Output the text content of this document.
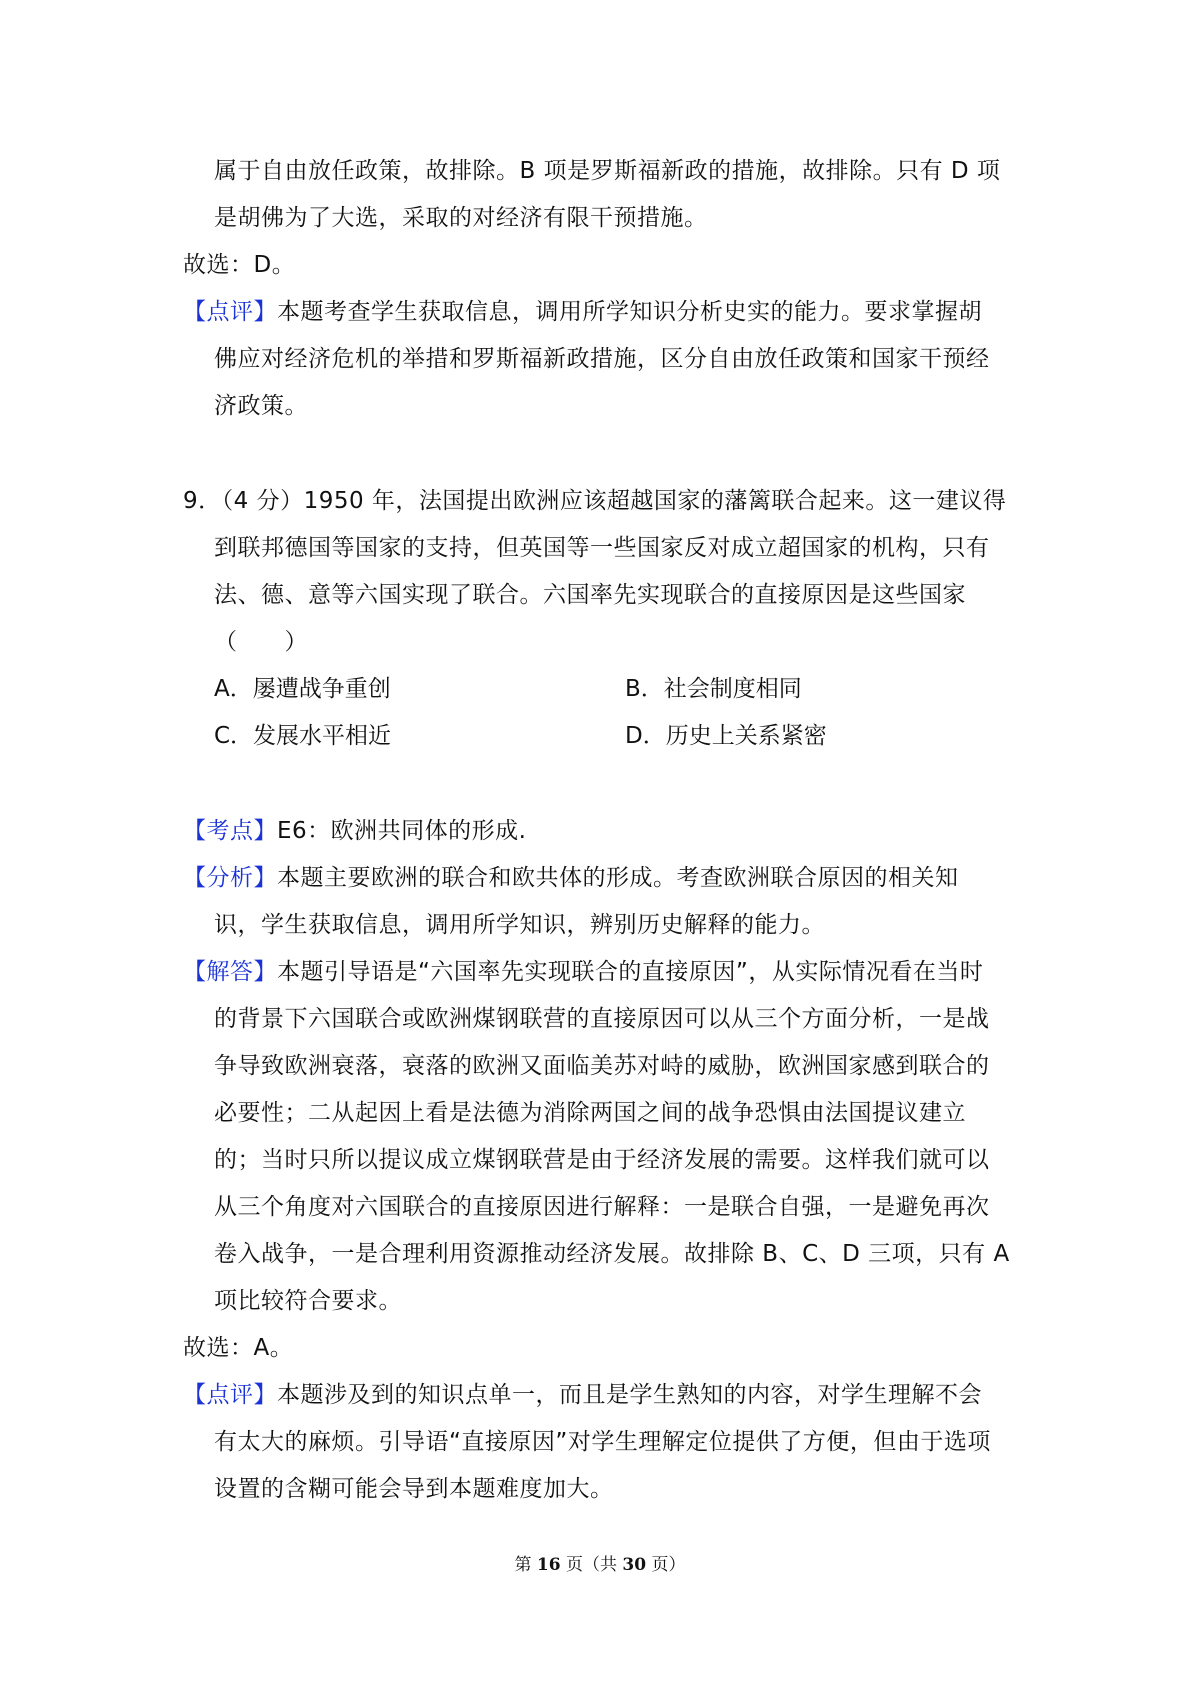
属于自由放任政策，故排除。B 项是罗斯福新政的措施，故排除。只有 D 项
是胡佛为了大选，采取的对经济有限干预措施。
故选：D。
【点评】本题考查学生获取信息，调用所学知识分析史实的能力。要求掌握胡
佛应对经济危机的举措和罗斯福新政措施，区分自由放任政策和国家干预经
济政策。
9．（4 分）1950 年，法国提出欧洲应该超越国家的藩篱联合起来。这一建议得
到联邦德国等国家的支持，但英国等一些国家反对成立超国家的机构，只有
法、德、意等六国实现了联合。六国率先实现联合的直接原因是这些国家
（　　）
A．屡遭战争重创	B．社会制度相同
C．发展水平相近	D．历史上关系紧密
【考点】E6：欧洲共同体的形成.
【分析】本题主要欧洲的联合和欧共体的形成。考查欧洲联合原因的相关知
识，学生获取信息，调用所学知识，辨别历史解释的能力。
【解答】本题引导语是“六国率先实现联合的直接原因”，从实际情况看在当时
的背景下六国联合或欧洲煤钢联营的直接原因可以从三个方面分析，一是战
争导致欧洲衰落，衰落的欧洲又面临美苏对峙的威胁，欧洲国家感到联合的
必要性；二从起因上看是法德为消除两国之间的战争恐惧由法国提议建立
的；当时只所以提议成立煤钢联营是由于经济发展的需要。这样我们就可以
从三个角度对六国联合的直接原因进行解释：一是联合自强，一是避免再次
卷入战争，一是合理利用资源推动经济发展。故排除 B、C、D 三项，只有 A
项比较符合要求。
故选：A。
【点评】本题涉及到的知识点单一，而且是学生熟知的内容，对学生理解不会
有太大的麻烦。引导语“直接原因”对学生理解定位提供了方便，但由于选项
设置的含糊可能会导到本题难度加大。
第 16 页（共 30 页）
